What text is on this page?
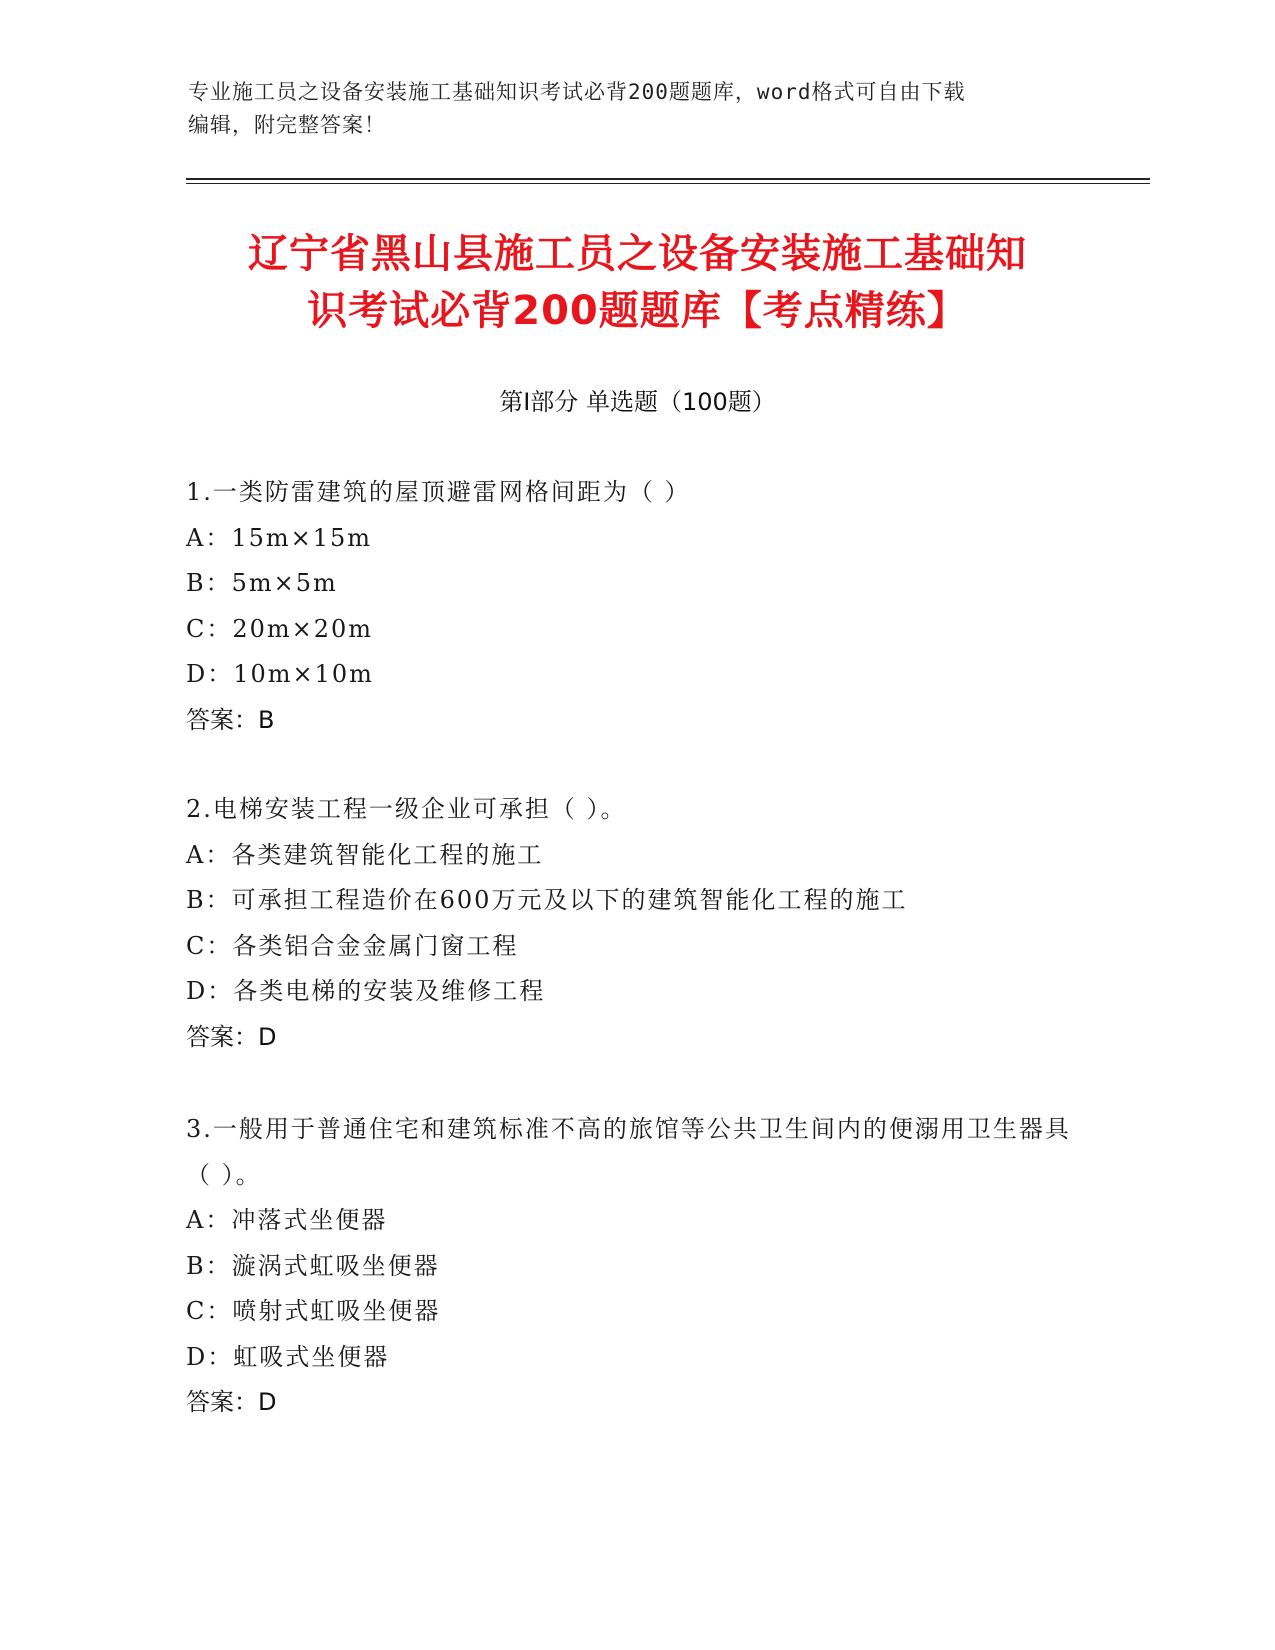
专业施工员之设备安装施工基础知识考试必背200题题库，word格式可自由下载
编辑，附完整答案！
辽宁省黑山县施工员之设备安装施工基础知
识考试必背200题题库【考点精练】
第Ⅰ部分 单选题（100题）
1.一类防雷建筑的屋顶避雷网格间距为（ ）
A：15m×15m
B：5m×5m
C：20m×20m
D：10m×10m
答案：B
2.电梯安装工程一级企业可承担（ ）。
A：各类建筑智能化工程的施工
B：可承担工程造价在600万元及以下的建筑智能化工程的施工
C：各类铝合金金属门窗工程
D：各类电梯的安装及维修工程
答案：D
3.一般用于普通住宅和建筑标准不高的旅馆等公共卫生间内的便溺用卫生器具（ ）。
A：冲落式坐便器
B：漩涡式虹吸坐便器
C：喷射式虹吸坐便器
D：虹吸式坐便器
答案：D
